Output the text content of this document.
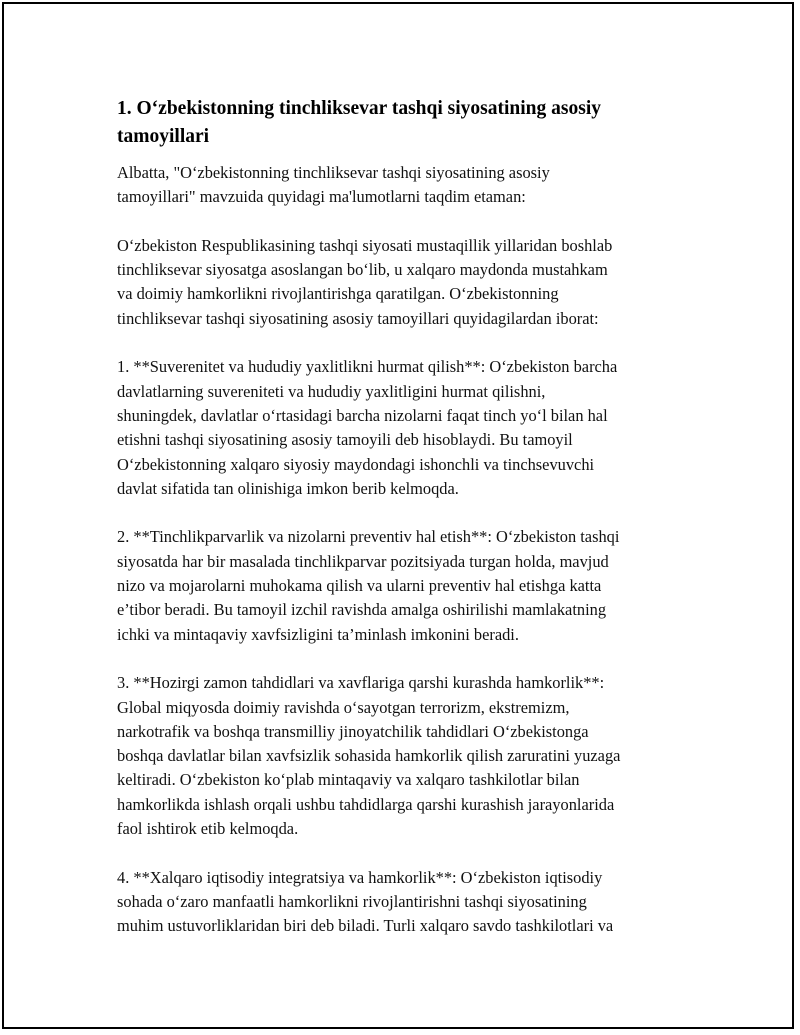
1. O‘zbekistonning tinchliksevar tashqi siyosatining asosiy
tamoyillari

Albatta, "O‘zbekistonning tinchliksevar tashqi siyosatining asosiy
tamoyillari" mavzuida quyidagi ma'lumotlarni taqdim etaman:

O‘zbekiston Respublikasining tashqi siyosati mustaqillik yillaridan boshlab
tinchliksevar siyosatga asoslangan bo‘lib, u xalqaro maydonda mustahkam
va doimiy hamkorlikni rivojlantirishga qaratilgan. O‘zbekistonning
tinchliksevar tashqi siyosatining asosiy tamoyillari quyidagilardan iborat:

1. **Suverenitet va hududiy yaxlitlikni hurmat qilish**: O‘zbekiston barcha
davlatlarning suvereniteti va hududiy yaxlitligini hurmat qilishni,
shuningdek, davlatlar o‘rtasidagi barcha nizolarni faqat tinch yo‘l bilan hal
etishni tashqi siyosatining asosiy tamoyili deb hisoblaydi. Bu tamoyil
O‘zbekistonning xalqaro siyosiy maydondagi ishonchli va tinchsevuvchi
davlat sifatida tan olinishiga imkon berib kelmoqda.

2. **Tinchlikparvarlik va nizolarni preventiv hal etish**: O‘zbekiston tashqi
siyosatda har bir masalada tinchlikparvar pozitsiyada turgan holda, mavjud
nizo va mojarolarni muhokama qilish va ularni preventiv hal etishga katta
e’tibor beradi. Bu tamoyil izchil ravishda amalga oshirilishi mamlakatning
ichki va mintaqaviy xavfsizligini ta’minlash imkonini beradi.

3. **Hozirgi zamon tahdidlari va xavflariga qarshi kurashda hamkorlik**:
Global miqyosda doimiy ravishda o‘sayotgan terrorizm, ekstremizm,
narkotrafik va boshqa transmilliy jinoyatchilik tahdidlari O‘zbekistonga
boshqa davlatlar bilan xavfsizlik sohasida hamkorlik qilish zaruratini yuzaga
keltiradi. O‘zbekiston ko‘plab mintaqaviy va xalqaro tashkilotlar bilan
hamkorlikda ishlash orqali ushbu tahdidlarga qarshi kurashish jarayonlarida
faol ishtirok etib kelmoqda.

4. **Xalqaro iqtisodiy integratsiya va hamkorlik**: O‘zbekiston iqtisodiy
sohada o‘zaro manfaatli hamkorlikni rivojlantirishni tashqi siyosatining
muhim ustuvorliklaridan biri deb biladi. Turli xalqaro savdo tashkilotlari va
